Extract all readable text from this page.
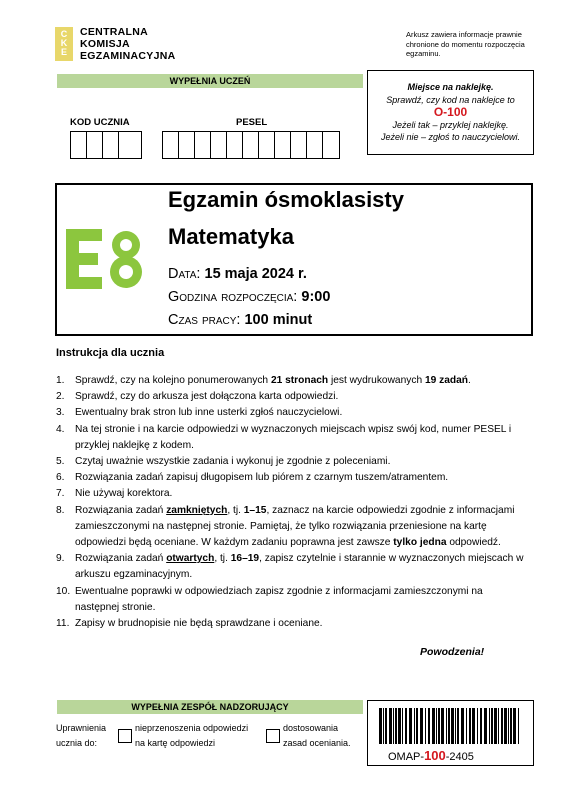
C
K
E
CENTRALNA
KOMISJA
EGZAMINACYJNA
Arkusz zawiera informacje prawnie chronione do momentu rozpoczęcia egzaminu.
WYPEŁNIA UCZEŃ
KOD UCZNIA	PESEL
Miejsce na naklejkę.
Sprawdź, czy kod na naklejce to
O-100
Jeżeli tak – przyklej naklejkę.
Jeżeli nie – zgłoś to nauczycielowi.
Egzamin ósmoklasisty
Matematyka
Data: 15 maja 2024 r.
Godzina rozpoczęcia: 9:00
Czas pracy: 100 minut
Instrukcja dla ucznia
1.	Sprawdź, czy na kolejno ponumerowanych 21 stronach jest wydrukowanych 19 zadań.
2.	Sprawdź, czy do arkusza jest dołączona karta odpowiedzi.
3.	Ewentualny brak stron lub inne usterki zgłoś nauczycielowi.
4.	Na tej stronie i na karcie odpowiedzi w wyznaczonych miejscach wpisz swój kod, numer PESEL i przyklej naklejkę z kodem.
5.	Czytaj uważnie wszystkie zadania i wykonuj je zgodnie z poleceniami.
6.	Rozwiązania zadań zapisuj długopisem lub piórem z czarnym tuszem/atramentem.
7.	Nie używaj korektora.
8.	Rozwiązania zadań zamkniętych, tj. 1–15, zaznacz na karcie odpowiedzi zgodnie z informacjami zamieszczonymi na następnej stronie. Pamiętaj, że tylko rozwiązania przeniesione na kartę odpowiedzi będą oceniane. W każdym zadaniu poprawna jest zawsze tylko jedna odpowiedź.
9.	Rozwiązania zadań otwartych, tj. 16–19, zapisz czytelnie i starannie w wyznaczonych miejscach w arkuszu egzaminacyjnym.
10. Ewentualne poprawki w odpowiedziach zapisz zgodnie z informacjami zamieszczonymi na następnej stronie.
11. Zapisy w brudnopisie nie będą sprawdzane i oceniane.
Powodzenia!
WYPEŁNIA ZESPÓŁ NADZORUJĄCY
Uprawnienia
ucznia do:
nieprzenoszenia odpowiedzi
na kartę odpowiedzi
dostosowania
zasad oceniania.
OMAP-100-2405
